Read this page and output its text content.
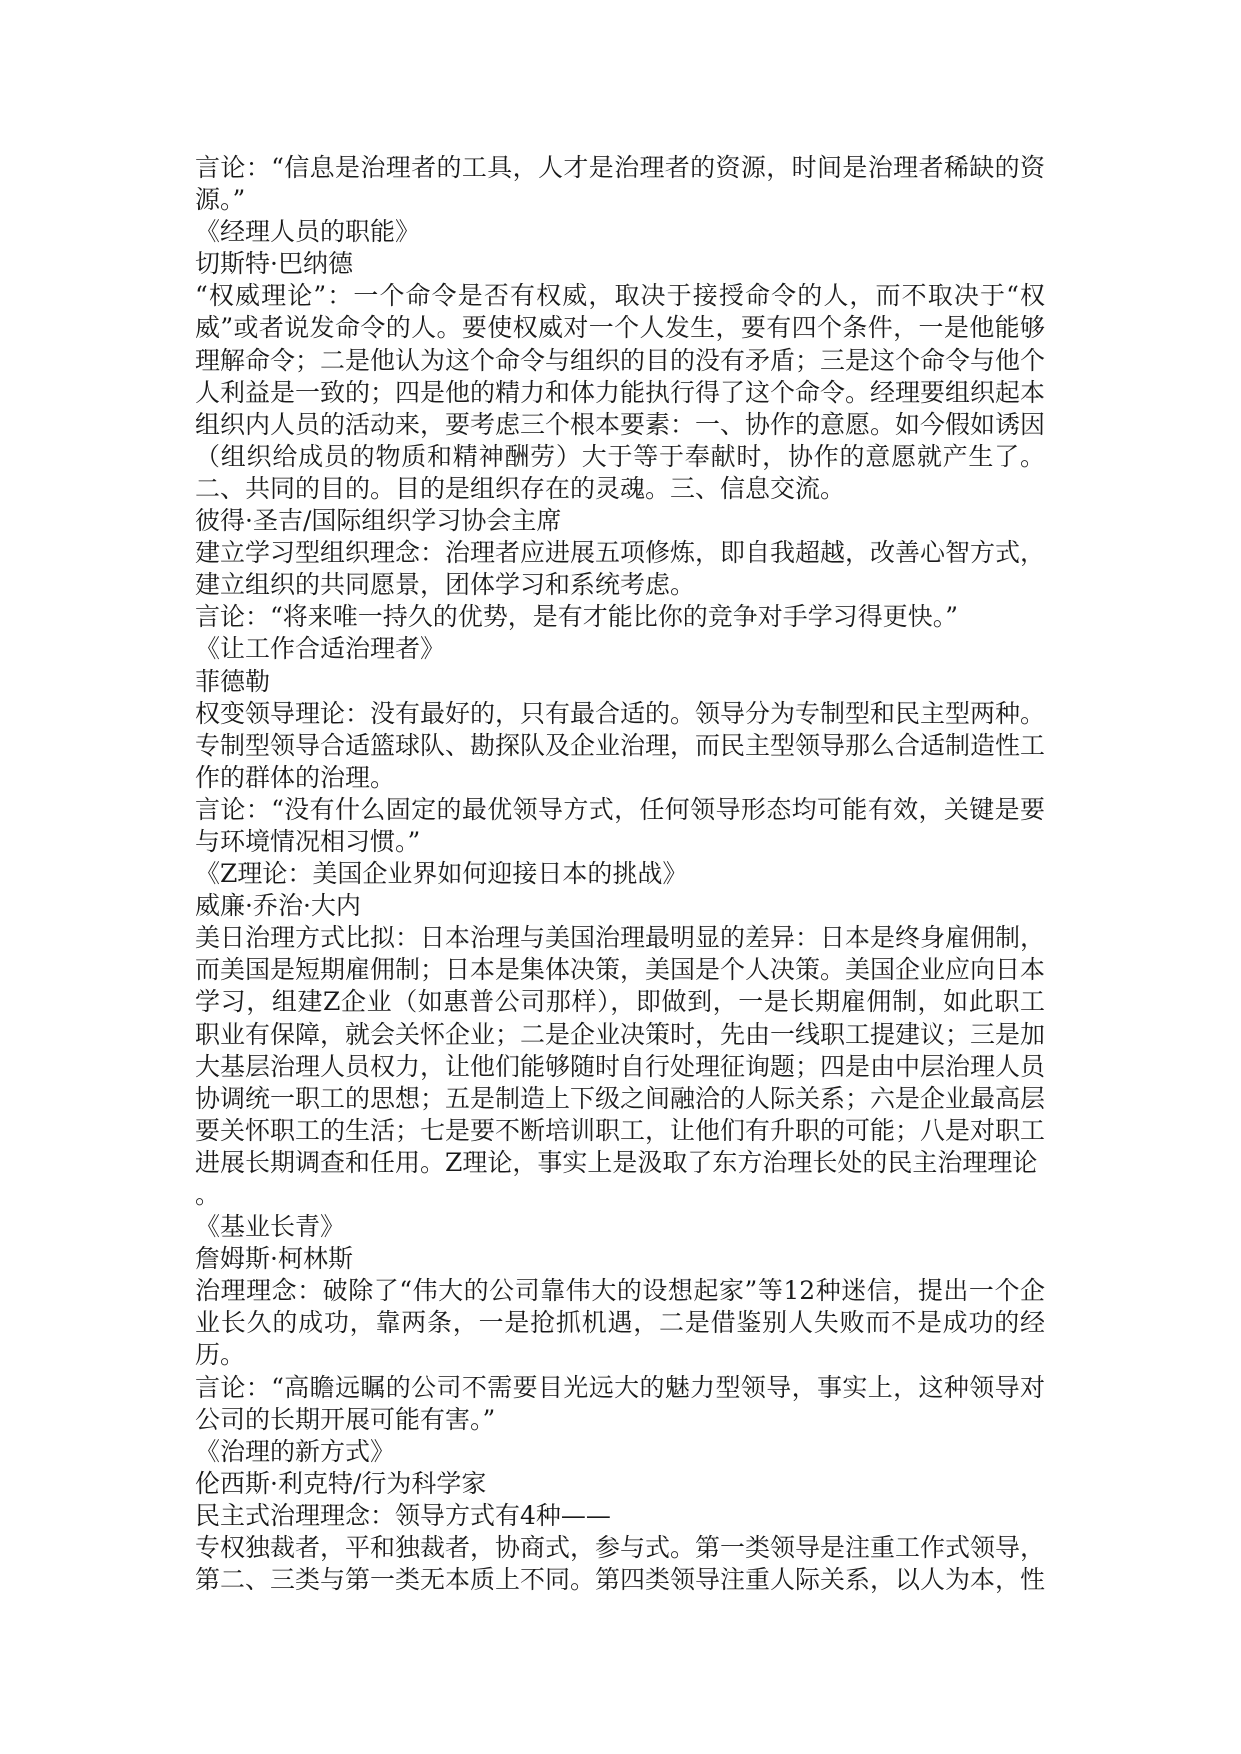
言论：“信息是治理者的工具，人才是治理者的资源，时间是治理者稀缺的资源。”

《经理人员的职能》

切斯特·巴纳德

“权威理论”：一个命令是否有权威，取决于接授命令的人，而不取决于“权威”或者说发命令的人。要使权威对一个人发生，要有四个条件，一是他能够理解命令；二是他认为这个命令与组织的目的没有矛盾；三是这个命令与他个人利益是一致的；四是他的精力和体力能执行得了这个命令。经理要组织起本组织内人员的活动来，要考虑三个根本要素：一、协作的意愿。如今假如诱因（组织给成员的物质和精神酬劳）大于等于奉献时，协作的意愿就产生了。二、共同的目的。目的是组织存在的灵魂。三、信息交流。

彼得·圣吉/国际组织学习协会主席

建立学习型组织理念：治理者应进展五项修炼，即自我超越，改善心智方式，建立组织的共同愿景，团体学习和系统考虑。

言论：“将来唯一持久的优势，是有才能比你的竞争对手学习得更快。”

《让工作合适治理者》

菲德勒

权变领导理论：没有最好的，只有最合适的。领导分为专制型和民主型两种。专制型领导合适篮球队、勘探队及企业治理，而民主型领导那么合适制造性工作的群体的治理。

言论：“没有什么固定的最优领导方式，任何领导形态均可能有效，关键是要与环境情况相习惯。”

《Z理论：美国企业界如何迎接日本的挑战》

威廉·乔治·大内

美日治理方式比拟：日本治理与美国治理最明显的差异：日本是终身雇佣制，而美国是短期雇佣制；日本是集体决策，美国是个人决策。美国企业应向日本学习，组建Z企业（如惠普公司那样），即做到，一是长期雇佣制，如此职工职业有保障，就会关怀企业；二是企业决策时，先由一线职工提建议；三是加大基层治理人员权力，让他们能够随时自行处理征询题；四是由中层治理人员协调统一职工的思想；五是制造上下级之间融洽的人际关系；六是企业最高层要关怀职工的生活；七是要不断培训职工，让他们有升职的可能；八是对职工进展长期调查和任用。Z理论，事实上是汲取了东方治理长处的民主治理理论

。

《基业长青》

詹姆斯·柯林斯

治理理念：破除了“伟大的公司靠伟大的设想起家”等12种迷信，提出一个企业长久的成功，靠两条，一是抢抓机遇，二是借鉴别人失败而不是成功的经历。

言论：“高瞻远瞩的公司不需要目光远大的魅力型领导，事实上，这种领导对公司的长期开展可能有害。”

《治理的新方式》

伦西斯·利克特/行为科学家

民主式治理理念：领导方式有4种——

专权独裁者，平和独裁者，协商式，参与式。第一类领导是注重工作式领导，第二、三类与第一类无本质上不同。第四类领导注重人际关系，以人为本，性
